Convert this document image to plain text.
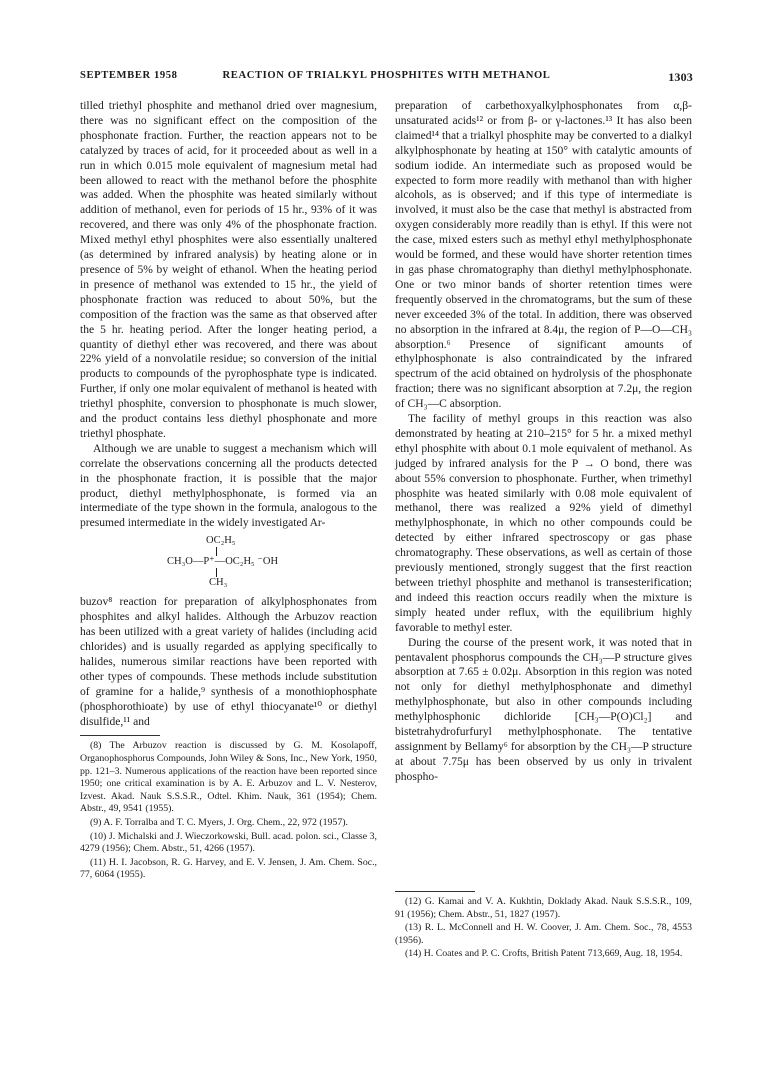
SEPTEMBER 1958	REACTION OF TRIALKYL PHOSPHITES WITH METHANOL	1303

tilled triethyl phosphite and methanol dried over magnesium, there was no significant effect on the composition of the phosphonate fraction. Further, the reaction appears not to be catalyzed by traces of acid, for it proceeded about as well in a run in which 0.015 mole equivalent of magnesium metal had been allowed to react with the methanol before the phosphite was added. When the phosphite was heated similarly without addition of methanol, even for periods of 15 hr., 93% of it was recovered, and there was only 4% of the phosphonate fraction. Mixed methyl ethyl phosphites were also essentially unaltered (as determined by infrared analysis) by heating alone or in presence of 5% by weight of ethanol. When the heating period in presence of methanol was extended to 15 hr., the yield of phosphonate fraction was reduced to about 50%, but the composition of the fraction was the same as that observed after the 5 hr. heating period. After the longer heating period, a quantity of diethyl ether was recovered, and there was about 22% yield of a nonvolatile residue; so conversion of the initial products to compounds of the pyrophosphate type is indicated. Further, if only one molar equivalent of methanol is heated with triethyl phosphite, conversion to phosphonate is much slower, and the product contains less diethyl phosphonate and more triethyl phosphate.

Although we are unable to suggest a mechanism which will correlate the observations concerning all the products detected in the phosphonate fraction, it is possible that the major product, diethyl methylphosphonate, is formed via an intermediate of the type shown in the formula, analogous to the presumed intermediate in the widely investigated Ar-

OC₂H₅
CH₃O—P⁺—OC₂H₅ ⁻OH
CH₃

buzov⁸ reaction for preparation of alkylphosphonates from phosphites and alkyl halides. Although the Arbuzov reaction has been utilized with a great variety of halides (including acid chlorides) and is usually regarded as applying specifically to halides, numerous similar reactions have been reported with other types of compounds. These methods include substitution of gramine for a halide,⁹ synthesis of a monothiophosphate (phosphorothioate) by use of ethyl thiocyanate¹⁰ or diethyl disulfide,¹¹ and

(8) The Arbuzov reaction is discussed by G. M. Kosolapoff, Organophosphorus Compounds, John Wiley & Sons, Inc., New York, 1950, pp. 121–3. Numerous applications of the reaction have been reported since 1950; one critical examination is by A. E. Arbuzov and L. V. Nesterov, Izvest. Akad. Nauk S.S.S.R., Odtel. Khim. Nauk, 361 (1954); Chem. Abstr., 49, 9541 (1955).

(9) A. F. Torralba and T. C. Myers, J. Org. Chem., 22, 972 (1957).

(10) J. Michalski and J. Wieczorkowski, Bull. acad. polon. sci., Classe 3, 4279 (1956); Chem. Abstr., 51, 4266 (1957).

(11) H. I. Jacobson, R. G. Harvey, and E. V. Jensen, J. Am. Chem. Soc., 77, 6064 (1955).

preparation of carbethoxyalkylphosphonates from α,β-unsaturated acids¹² or from β- or γ-lactones.¹³ It has also been claimed¹⁴ that a trialkyl phosphite may be converted to a dialkyl alkylphosphonate by heating at 150° with catalytic amounts of sodium iodide. An intermediate such as proposed would be expected to form more readily with methanol than with higher alcohols, as is observed; and if this type of intermediate is involved, it must also be the case that methyl is abstracted from oxygen considerably more readily than is ethyl. If this were not the case, mixed esters such as methyl ethyl methylphosphonate would be formed, and these would have shorter retention times in gas phase chromatography than diethyl methylphosphonate. One or two minor bands of shorter retention times were frequently observed in the chromatograms, but the sum of these never exceeded 3% of the total. In addition, there was observed no absorption in the infrared at 8.4μ, the region of P—O—CH₃ absorption.⁶ Presence of significant amounts of ethylphosphonate is also contraindicated by the infrared spectrum of the acid obtained on hydrolysis of the phosphonate fraction; there was no significant absorption at 7.2μ, the region of CH₃—C absorption.

The facility of methyl groups in this reaction was also demonstrated by heating at 210–215° for 5 hr. a mixed methyl ethyl phosphite with about 0.1 mole equivalent of methanol. As judged by infrared analysis for the P → O bond, there was about 55% conversion to phosphonate. Further, when trimethyl phosphite was heated similarly with 0.08 mole equivalent of methanol, there was realized a 92% yield of dimethyl methylphosphonate, in which no other compounds could be detected by either infrared spectroscopy or gas phase chromatography. These observations, as well as certain of those previously mentioned, strongly suggest that the first reaction between triethyl phosphite and methanol is transesterification; and indeed this reaction occurs readily when the mixture is simply heated under reflux, with the equilibrium highly favorable to methyl ester.

During the course of the present work, it was noted that in pentavalent phosphorus compounds the CH₃—P structure gives absorption at 7.65 ± 0.02μ. Absorption in this region was noted not only for diethyl methylphosphonate and dimethyl methylphosphonate, but also in other compounds including methylphosphonic dichloride [CH₃—P(O)Cl₂] and bistetrahydrofurfuryl methylphosphonate. The tentative assignment by Bellamy⁶ for absorption by the CH₃—P structure at about 7.75μ has been observed by us only in trivalent phospho-

(12) G. Kamai and V. A. Kukhtin, Doklady Akad. Nauk S.S.S.R., 109, 91 (1956); Chem. Abstr., 51, 1827 (1957).

(13) R. L. McConnell and H. W. Coover, J. Am. Chem. Soc., 78, 4553 (1956).

(14) H. Coates and P. C. Crofts, British Patent 713,669, Aug. 18, 1954.
